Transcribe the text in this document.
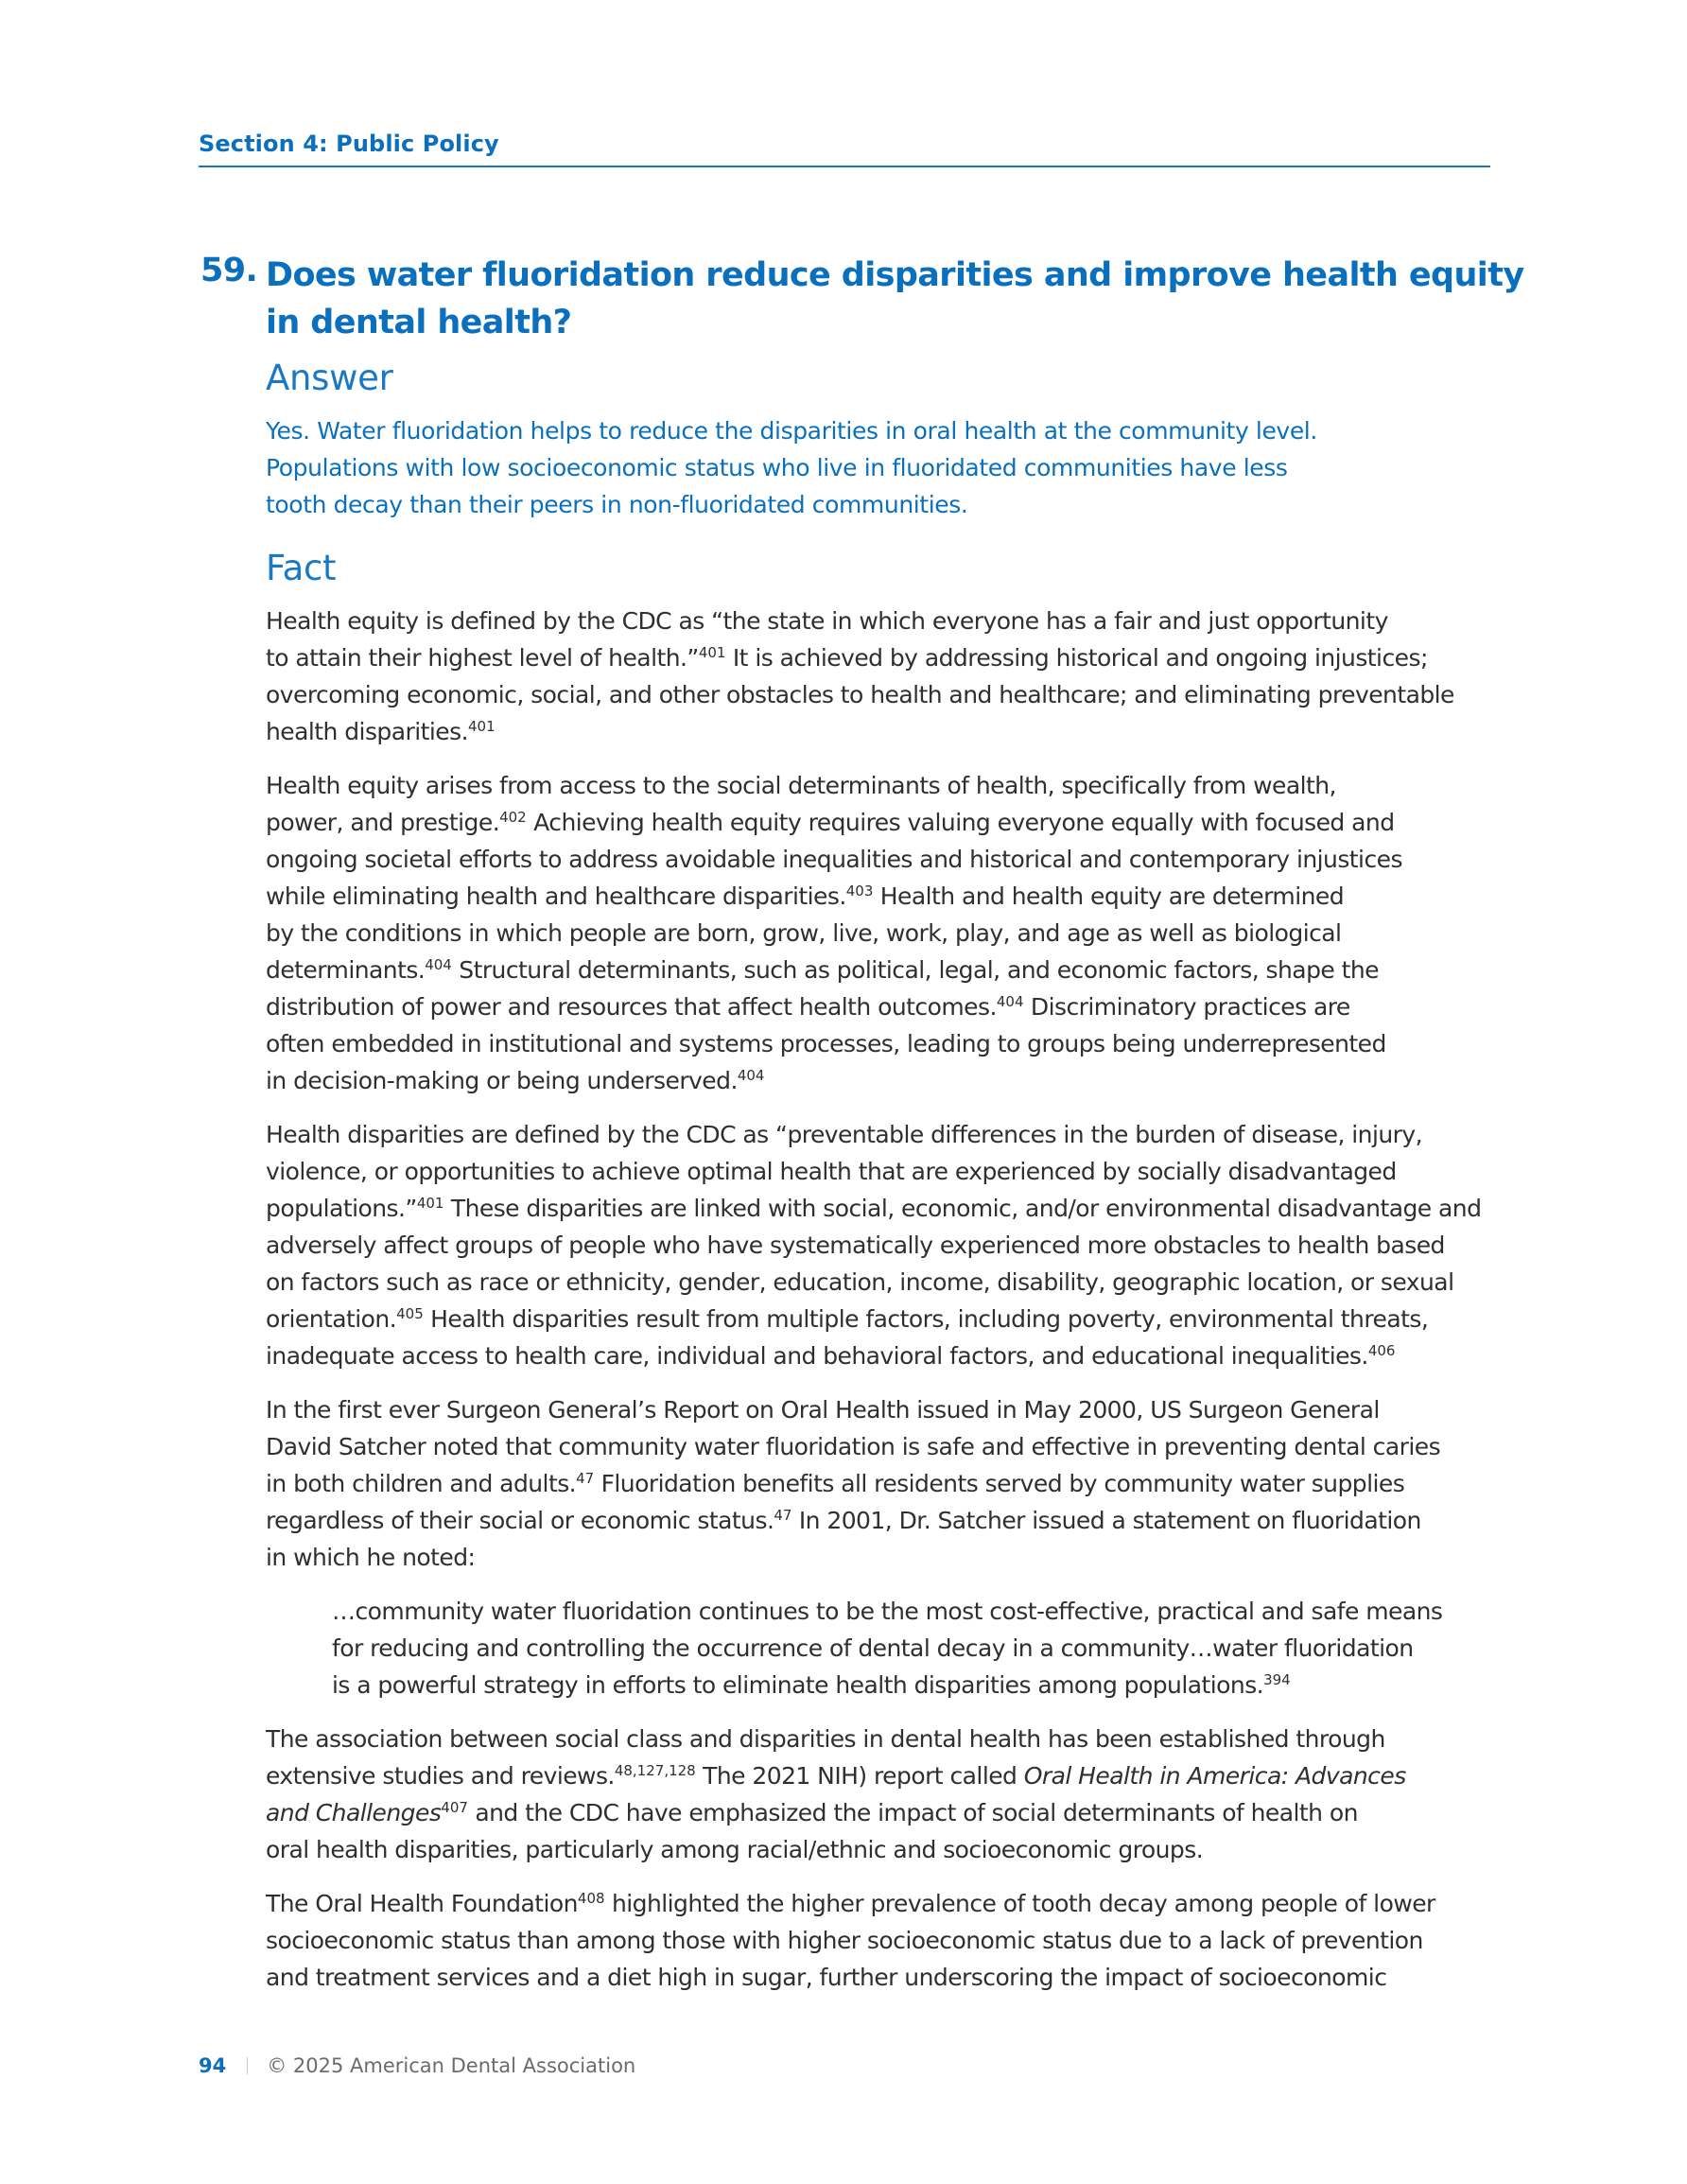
Section 4: Public Policy
59. Does water fluoridation reduce disparities and improve health equity
in dental health?
Answer
Yes. Water fluoridation helps to reduce the disparities in oral health at the community level.
Populations with low socioeconomic status who live in fluoridated communities have less
tooth decay than their peers in non-fluoridated communities.
Fact
Health equity is defined by the CDC as “the state in which everyone has a fair and just opportunity
to attain their highest level of health.”$^{401}$ It is achieved by addressing historical and ongoing injustices;
overcoming economic, social, and other obstacles to health and healthcare; and eliminating preventable
health disparities.$^{401}$
Health equity arises from access to the social determinants of health, specifically from wealth,
power, and prestige.$^{402}$ Achieving health equity requires valuing everyone equally with focused and
ongoing societal efforts to address avoidable inequalities and historical and contemporary injustices
while eliminating health and healthcare disparities.$^{403}$ Health and health equity are determined
by the conditions in which people are born, grow, live, work, play, and age as well as biological
determinants.$^{404}$ Structural determinants, such as political, legal, and economic factors, shape the
distribution of power and resources that affect health outcomes.$^{404}$ Discriminatory practices are
often embedded in institutional and systems processes, leading to groups being underrepresented
in decision-making or being underserved.$^{404}$
Health disparities are defined by the CDC as “preventable differences in the burden of disease, injury,
violence, or opportunities to achieve optimal health that are experienced by socially disadvantaged
populations.”$^{401}$ These disparities are linked with social, economic, and/or environmental disadvantage and
adversely affect groups of people who have systematically experienced more obstacles to health based
on factors such as race or ethnicity, gender, education, income, disability, geographic location, or sexual
orientation.$^{405}$ Health disparities result from multiple factors, including poverty, environmental threats,
inadequate access to health care, individual and behavioral factors, and educational inequalities.$^{406}$
In the first ever Surgeon General’s Report on Oral Health issued in May 2000, US Surgeon General
David Satcher noted that community water fluoridation is safe and effective in preventing dental caries
in both children and adults.$^{47}$ Fluoridation benefits all residents served by community water supplies
regardless of their social or economic status.$^{47}$ In 2001, Dr. Satcher issued a statement on fluoridation
in which he noted:
…community water fluoridation continues to be the most cost-effective, practical and safe means
for reducing and controlling the occurrence of dental decay in a community…water fluoridation
is a powerful strategy in efforts to eliminate health disparities among populations.$^{394}$
The association between social class and disparities in dental health has been established through
extensive studies and reviews.$^{48,127,128}$ The 2021 NIH) report called Oral Health in America: Advances
and Challenges$^{407}$ and the CDC have emphasized the impact of social determinants of health on
oral health disparities, particularly among racial/ethnic and socioeconomic groups.
The Oral Health Foundation$^{408}$ highlighted the higher prevalence of tooth decay among people of lower
socioeconomic status than among those with higher socioeconomic status due to a lack of prevention
and treatment services and a diet high in sugar, further underscoring the impact of socioeconomic
94 © 2025 American Dental Association
